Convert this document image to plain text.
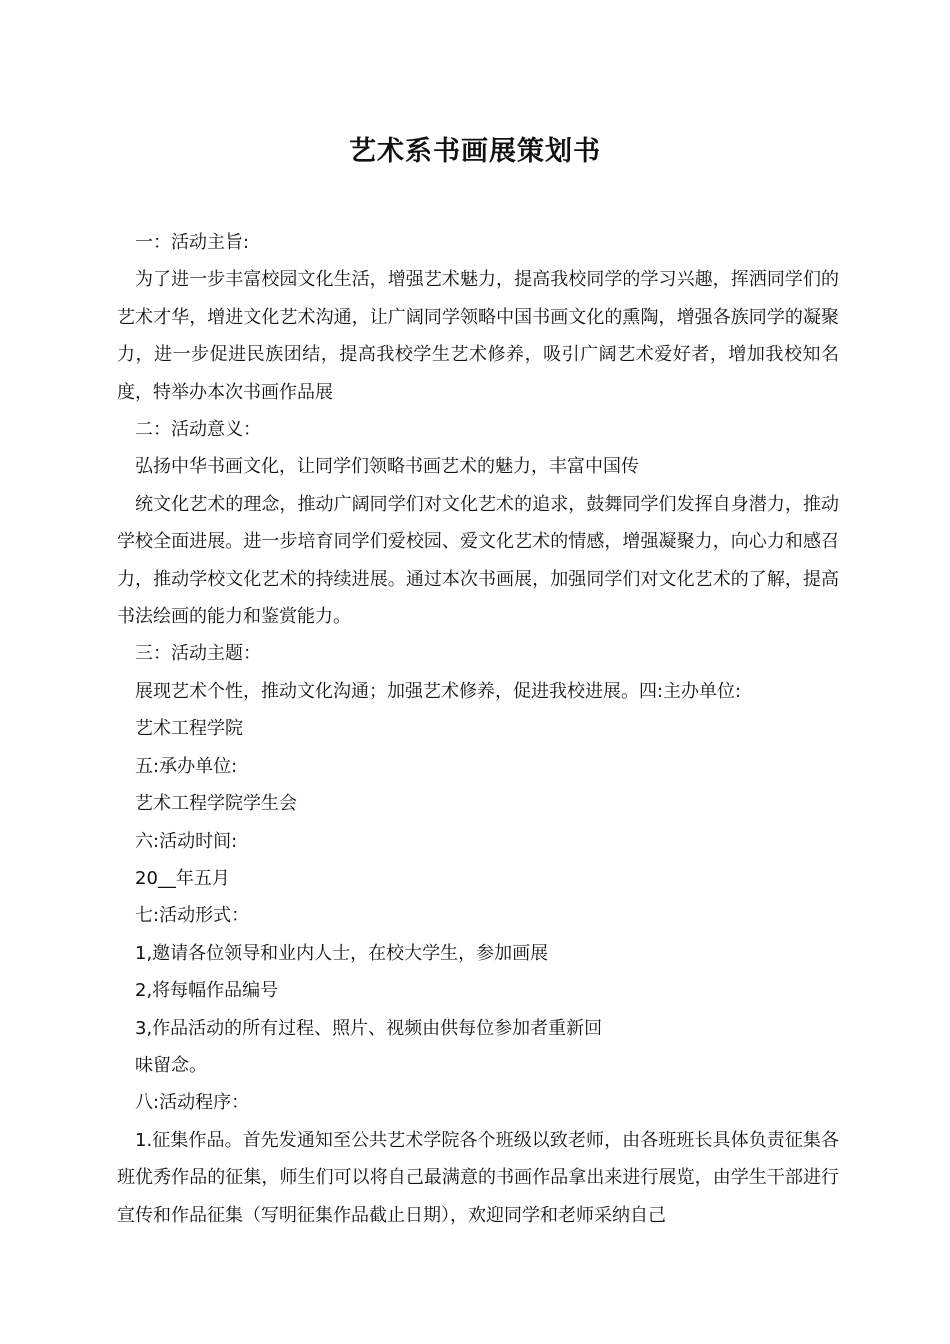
艺术系书画展策划书

一：活动主旨:

为了进一步丰富校园文化生活，增强艺术魅力，提高我校同学的学习兴趣，挥洒同学们的艺术才华，增进文化艺术沟通，让广阔同学领略中国书画文化的熏陶，增强各族同学的凝聚力，进一步促进民族团结，提高我校学生艺术修养，吸引广阔艺术爱好者，增加我校知名度，特举办本次书画作品展

二：活动意义：

弘扬中华书画文化，让同学们领略书画艺术的魅力，丰富中国传

统文化艺术的理念，推动广阔同学们对文化艺术的追求，鼓舞同学们发挥自身潜力，推动学校全面进展。进一步培育同学们爱校园、爱文化艺术的情感，增强凝聚力，向心力和感召力，推动学校文化艺术的持续进展。通过本次书画展，加强同学们对文化艺术的了解，提高书法绘画的能力和鉴赏能力。

三：活动主题：

展现艺术个性，推动文化沟通；加强艺术修养，促进我校进展。四:主办单位:

艺术工程学院

五:承办单位:

艺术工程学院学生会

六:活动时间:

20__年五月

七:活动形式：

1,邀请各位领导和业内人士，在校大学生，参加画展

2,将每幅作品编号

3,作品活动的所有过程、照片、视频由供每位参加者重新回

味留念。

八:活动程序：

1.征集作品。首先发通知至公共艺术学院各个班级以致老师，由各班班长具体负责征集各班优秀作品的征集，师生们可以将自己最满意的书画作品拿出来进行展览，由学生干部进行宣传和作品征集（写明征集作品截止日期），欢迎同学和老师采纳自己
